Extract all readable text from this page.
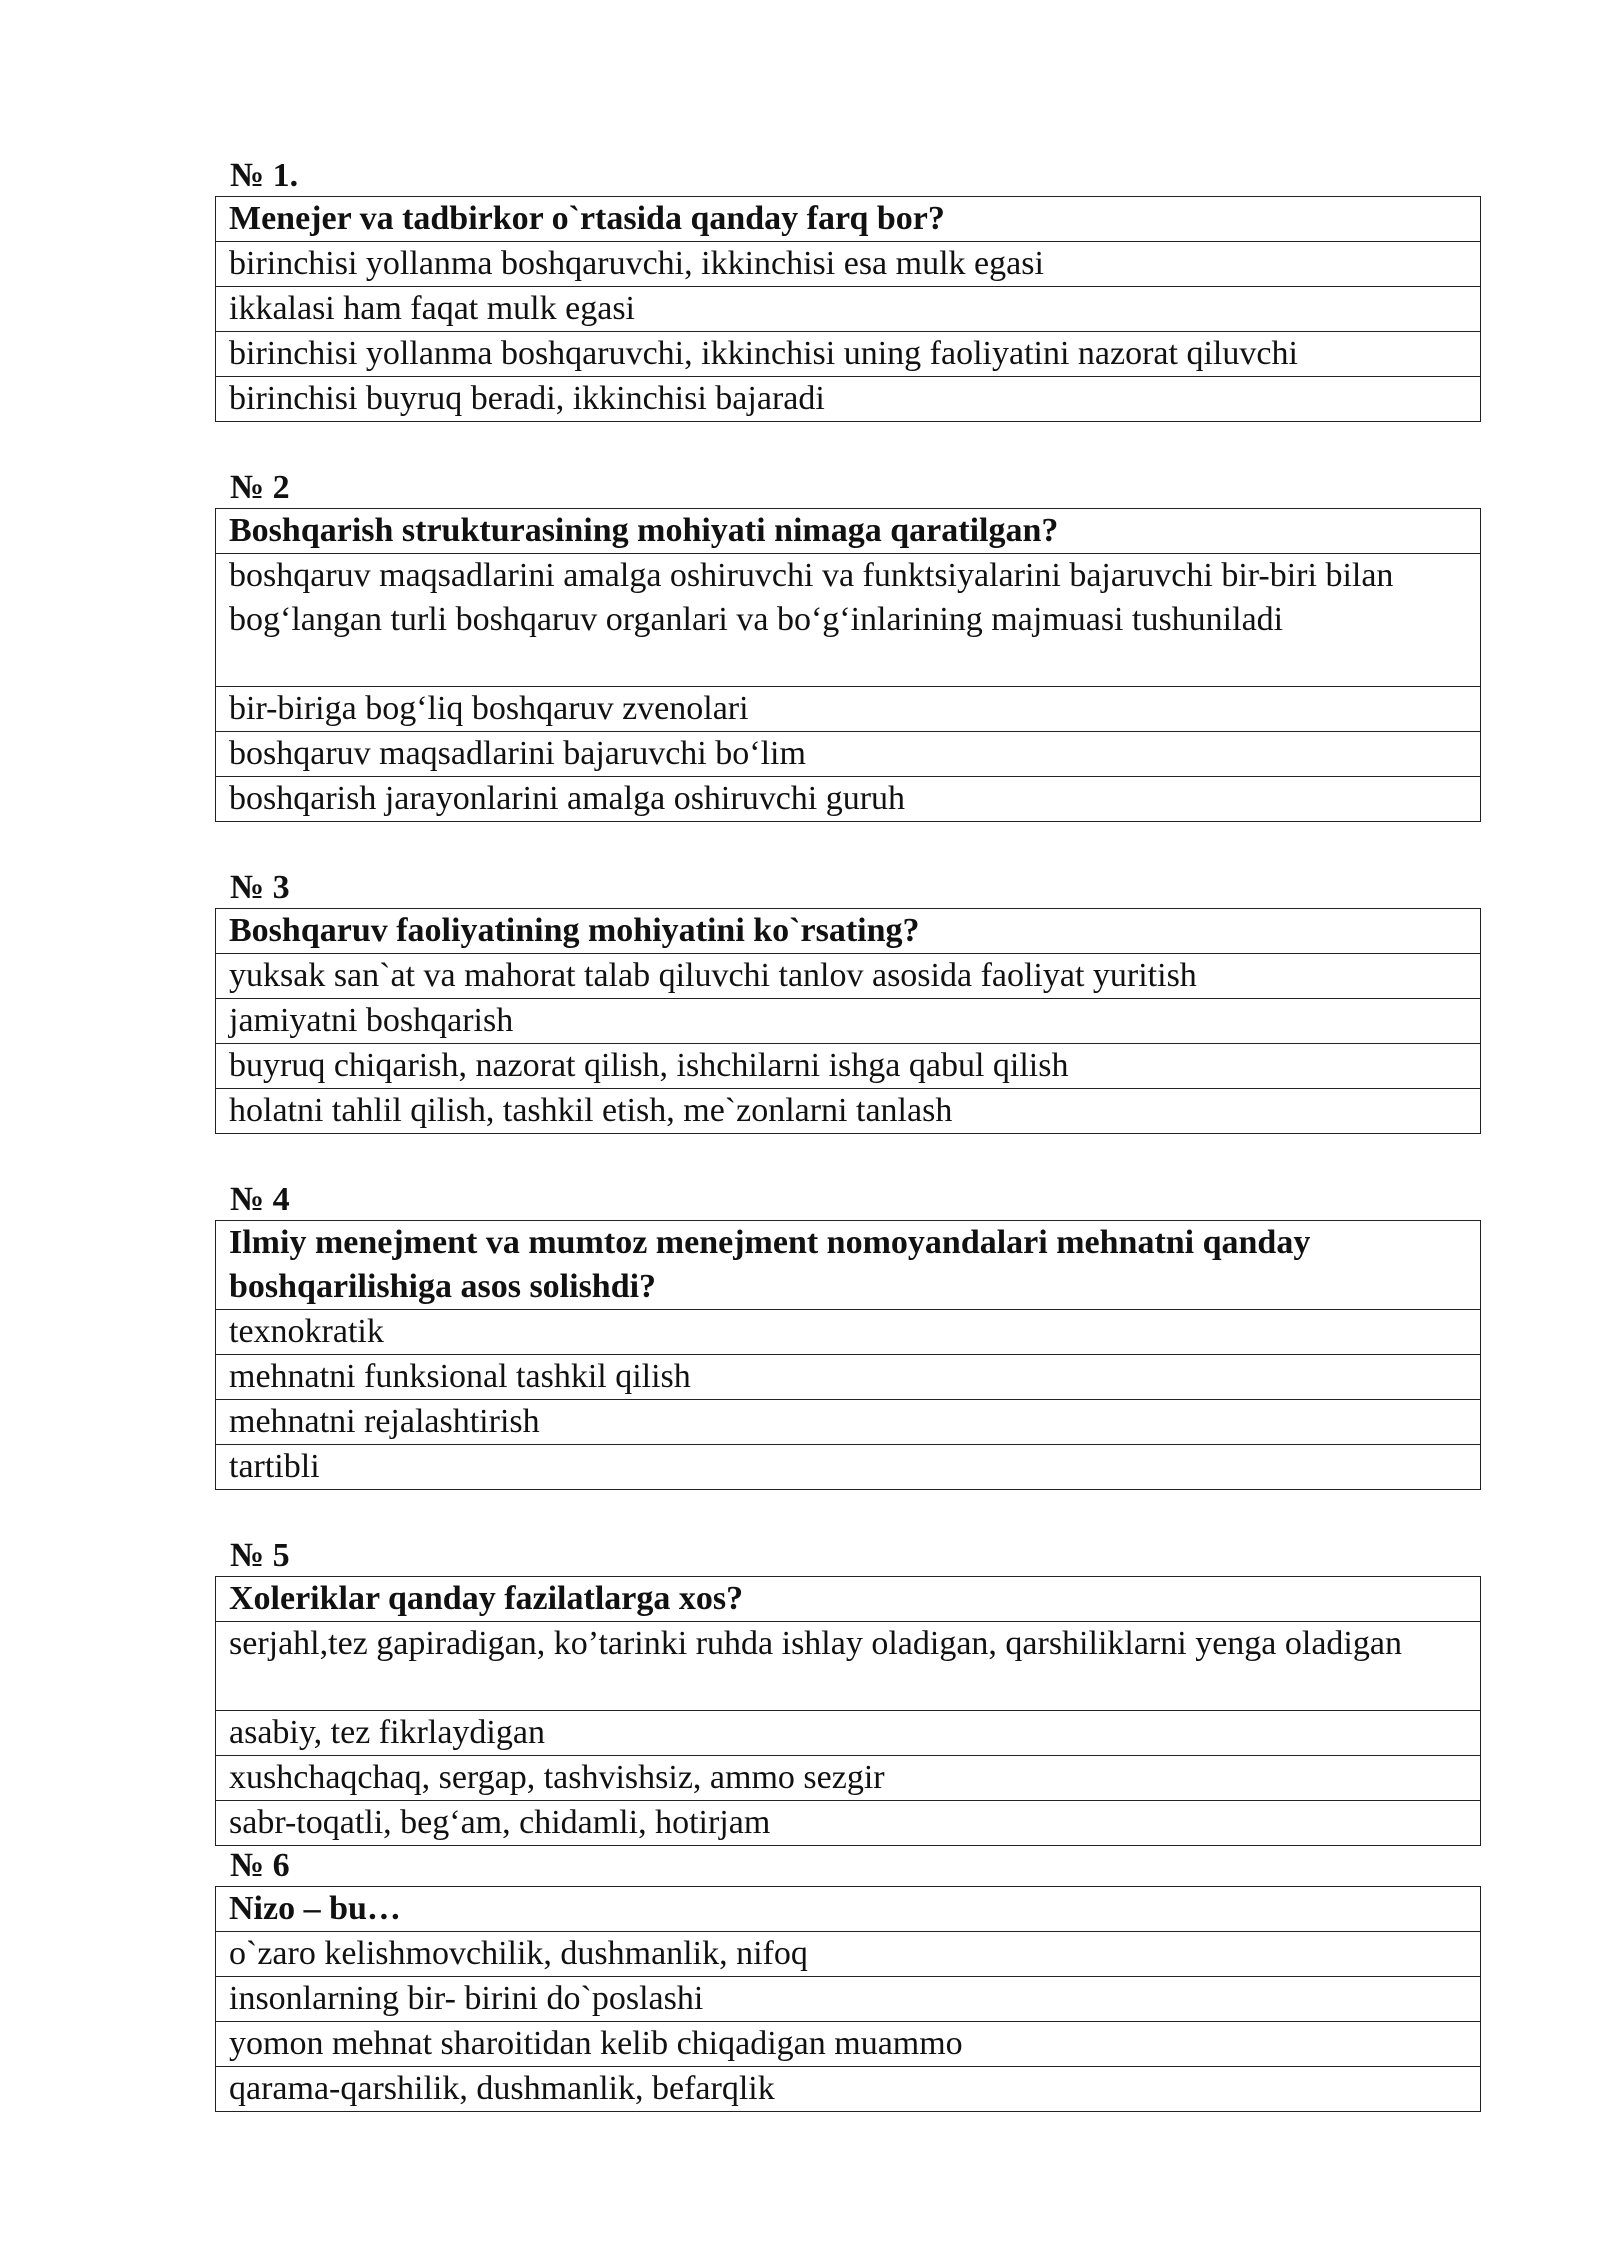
№ 1.
Menejer va tadbirkor o`rtasida qanday farq bor?
birinchisi yollanma boshqaruvchi, ikkinchisi esa mulk egasi
ikkalasi ham faqat mulk egasi
birinchisi yollanma boshqaruvchi, ikkinchisi uning faoliyatini nazorat qiluvchi
birinchisi buyruq beradi, ikkinchisi bajaradi
№ 2
Boshqarish strukturasining mohiyati nimaga qaratilgan?
boshqaruv maqsadlarini amalga oshiruvchi va funktsiyalarini bajaruvchi bir-biri bilan bog‘langan turli boshqaruv organlari va bo‘g‘inlarining majmuasi tushuniladi
bir-biriga bog‘liq boshqaruv zvenolari
boshqaruv maqsadlarini bajaruvchi bo‘lim
boshqarish jarayonlarini amalga oshiruvchi guruh
№ 3
Boshqaruv faoliyatining mohiyatini ko`rsating?
yuksak san`at va mahorat talab qiluvchi tanlov asosida faoliyat yuritish
jamiyatni boshqarish
buyruq chiqarish, nazorat qilish, ishchilarni ishga qabul qilish
holatni tahlil qilish, tashkil etish, me`zonlarni tanlash
№ 4
Ilmiy menejment va mumtoz menejment nomoyandalari mehnatni qanday boshqarilishiga asos solishdi?
texnokratik
mehnatni funksional tashkil qilish
mehnatni rejalashtirish
tartibli
№ 5
Xoleriklar qanday fazilatlarga xos?
serjahl,tez gapiradigan, ko’tarinki ruhda ishlay oladigan, qarshiliklarni yenga oladigan
asabiy, tez fikrlaydigan
xushchaqchaq, sergap, tashvishsiz, ammo sezgir
sabr-toqatli, beg‘am, chidamli, hotirjam
№ 6
Nizo – bu…
o`zaro kelishmovchilik, dushmanlik, nifoq
insonlarning bir- birini do`poslashi
yomon mehnat sharoitidan kelib chiqadigan muammo
qarama-qarshilik, dushmanlik, befarqlik
